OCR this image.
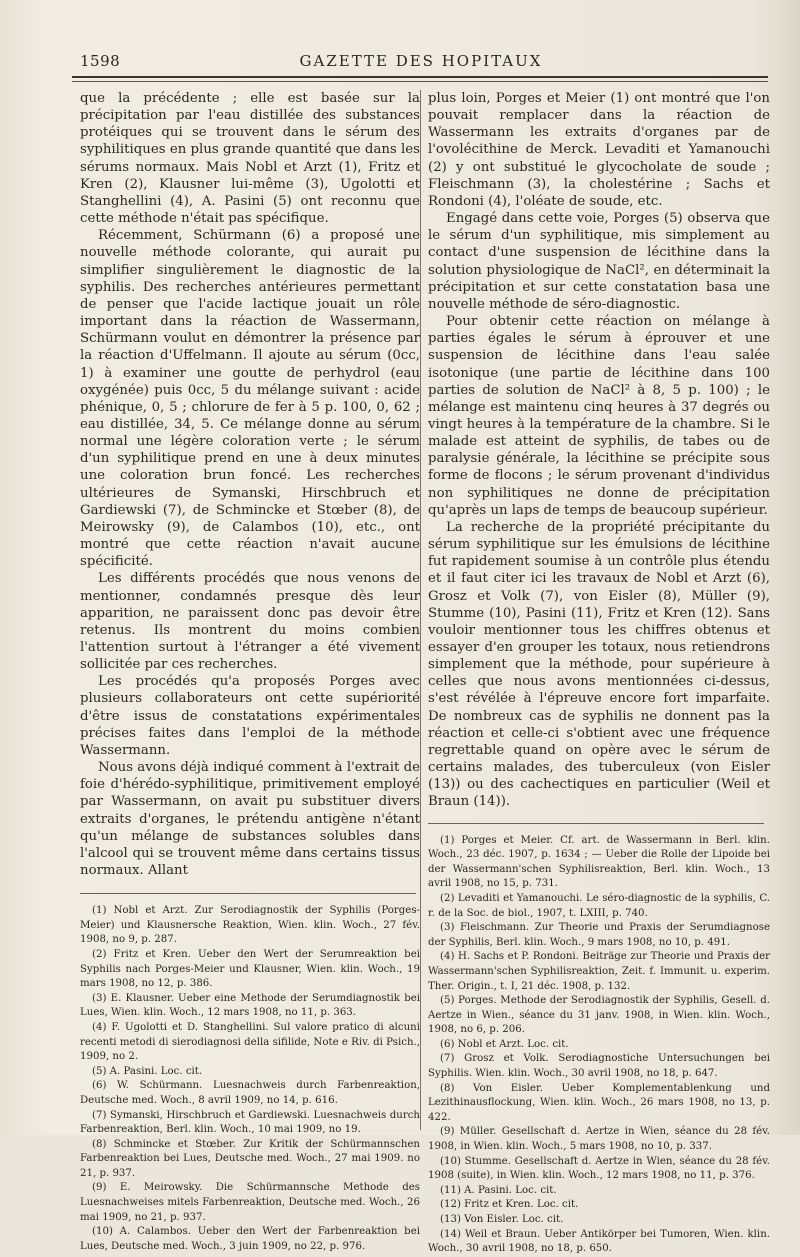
1598	GAZETTE DES HOPITAUX

que la précédente ; elle est basée sur la précipitation par l'eau distillée des substances protéiques qui se trouvent dans le sérum des syphilitiques en plus grande quantité que dans les sérums normaux. Mais Nobl et Arzt (1), Fritz et Kren (2), Klausner lui-même (3), Ugolotti et Stanghellini (4), A. Pasini (5) ont reconnu que cette méthode n'était pas spécifique.

Récemment, Schürmann (6) a proposé une nouvelle méthode colorante, qui aurait pu simplifier singulièrement le diagnostic de la syphilis. Des recherches antérieures permettant de penser que l'acide lactique jouait un rôle important dans la réaction de Wassermann, Schürmann voulut en démontrer la présence par la réaction d'Uffelmann. Il ajoute au sérum (0cc, 1) à examiner une goutte de perhydrol (eau oxygénée) puis 0cc, 5 du mélange suivant : acide phénique, 0, 5 ; chlorure de fer à 5 p. 100, 0, 62 ; eau distillée, 34, 5. Ce mélange donne au sérum normal une légère coloration verte ; le sérum d'un syphilitique prend en une à deux minutes une coloration brun foncé. Les recherches ultérieures de Symanski, Hirschbruch et Gardiewski (7), de Schmincke et Stœber (8), de Meirowsky (9), de Calambos (10), etc., ont montré que cette réaction n'avait aucune spécificité.

Les différents procédés que nous venons de mentionner, condamnés presque dès leur apparition, ne paraissent donc pas devoir être retenus. Ils montrent du moins combien l'attention surtout à l'étranger a été vivement sollicitée par ces recherches.

Les procédés qu'a proposés Porges avec plusieurs collaborateurs ont cette supériorité d'être issus de constatations expérimentales précises faites dans l'emploi de la méthode Wassermann.

Nous avons déjà indiqué comment à l'extrait de foie d'hérédo-syphilitique, primitivement employé par Wassermann, on avait pu substituer divers extraits d'organes, le prétendu antigène n'étant qu'un mélange de substances solubles dans l'alcool qui se trouvent même dans certains tissus normaux. Allant

(1) Nobl et Arzt. Zur Serodiagnostik der Syphilis (Porges-Meier) und Klausnersche Reaktion, Wien. klin. Woch., 27 fév. 1908, no 9, p. 287.

(2) Fritz et Kren. Ueber den Wert der Serumreaktion bei Syphilis nach Porges-Meier und Klausner, Wien. klin. Woch., 19 mars 1908, no 12, p. 386.

(3) E. Klausner. Ueber eine Methode der Serumdiagnostik bei Lues, Wien. klin. Woch., 12 mars 1908, no 11, p. 363.

(4) F. Ugolotti et D. Stanghellini. Sul valore pratico di alcuni recenti metodi di sierodiagnosi della sifilide, Note e Riv. di Psich., 1909, no 2.

(5) A. Pasini. Loc. cit.

(6) W. Schürmann. Luesnachweis durch Farbenreaktion, Deutsche med. Woch., 8 avril 1909, no 14, p. 616.

(7) Symanski, Hirschbruch et Gardiewski. Luesnachweis durch Farbenreaktion, Berl. klin. Woch., 10 mai 1909, no 19.

(8) Schmincke et Stœber. Zur Kritik der Schürmannschen Farbenreaktion bei Lues, Deutsche med. Woch., 27 mai 1909. no 21, p. 937.

(9) E. Meirowsky. Die Schürmannsche Methode des Luesnachweises mitels Farbenreaktion, Deutsche med. Woch., 26 mai 1909, no 21, p. 937.

(10) A. Calambos. Ueber den Wert der Farbenreaktion bei Lues, Deutsche med. Woch., 3 juin 1909, no 22, p. 976.

plus loin, Porges et Meier (1) ont montré que l'on pouvait remplacer dans la réaction de Wassermann les extraits d'organes par de l'ovolécithine de Merck. Levaditi et Yamanouchi (2) y ont substitué le glycocholate de soude ; Fleischmann (3), la cholestérine ; Sachs et Rondoni (4), l'oléate de soude, etc.

Engagé dans cette voie, Porges (5) observa que le sérum d'un syphilitique, mis simplement au contact d'une suspension de lécithine dans la solution physiologique de NaCl², en déterminait la précipitation et sur cette constatation basa une nouvelle méthode de séro-diagnostic.

Pour obtenir cette réaction on mélange à parties égales le sérum à éprouver et une suspension de lécithine dans l'eau salée isotonique (une partie de lécithine dans 100 parties de solution de NaCl² à 8, 5 p. 100) ; le mélange est maintenu cinq heures à 37 degrés ou vingt heures à la température de la chambre. Si le malade est atteint de syphilis, de tabes ou de paralysie générale, la lécithine se précipite sous forme de flocons ; le sérum provenant d'individus non syphilitiques ne donne de précipitation qu'après un laps de temps de beaucoup supérieur.

La recherche de la propriété précipitante du sérum syphilitique sur les émulsions de lécithine fut rapidement soumise à un contrôle plus étendu et il faut citer ici les travaux de Nobl et Arzt (6), Grosz et Volk (7), von Eisler (8), Müller (9), Stumme (10), Pasini (11), Fritz et Kren (12). Sans vouloir mentionner tous les chiffres obtenus et essayer d'en grouper les totaux, nous retiendrons simplement que la méthode, pour supérieure à celles que nous avons mentionnées ci-dessus, s'est révélée à l'épreuve encore fort imparfaite. De nombreux cas de syphilis ne donnent pas la réaction et celle-ci s'obtient avec une fréquence regrettable quand on opère avec le sérum de certains malades, des tuberculeux (von Eisler (13)) ou des cachectiques en particulier (Weil et Braun (14)).

(1) Porges et Meier. Cf. art. de Wassermann in Berl. klin. Woch., 23 déc. 1907, p. 1634 ; — Ueber die Rolle der Lipoide bei der Wassermann'schen Syphilisreaktion, Berl. klin. Woch., 13 avril 1908, no 15, p. 731.

(2) Levaditi et Yamanouchi. Le séro-diagnostic de la syphilis, C. r. de la Soc. de biol., 1907, t. LXIII, p. 740.

(3) Fleischmann. Zur Theorie und Praxis der Serumdiagnose der Syphilis, Berl. klin. Woch., 9 mars 1908, no 10, p. 491.

(4) H. Sachs et P. Rondoni. Beiträge zur Theorie und Praxis der Wassermann'schen Syphilisreaktion, Zeit. f. Immunit. u. experim. Ther. Origin., t. I, 21 déc. 1908, p. 132.

(5) Porges. Methode der Serodiagnostik der Syphilis, Gesell. d. Aertze in Wien., séance du 31 janv. 1908, in Wien. klin. Woch., 1908, no 6, p. 206.

(6) Nobl et Arzt. Loc. cit.

(7) Grosz et Volk. Serodiagnostiche Untersuchungen bei Syphilis. Wien. klin. Woch., 30 avril 1908, no 18, p. 647.

(8) Von Eisler. Ueber Komplementablenkung und Lezithinausflockung, Wien. klin. Woch., 26 mars 1908, no 13, p. 422.

(9) Müller. Gesellschaft d. Aertze in Wien, séance du 28 fév. 1908, in Wien. klin. Woch., 5 mars 1908, no 10, p. 337.

(10) Stumme. Gesellschaft d. Aertze in Wien, séance du 28 fév. 1908 (suite), in Wien. klin. Woch., 12 mars 1908, no 11, p. 376.

(11) A. Pasini. Loc. cit.

(12) Fritz et Kren. Loc. cit.

(13) Von Eisler. Loc. cit.

(14) Weil et Braun. Ueber Antikörper bei Tumoren, Wien. klin. Woch., 30 avril 1908, no 18, p. 650.
